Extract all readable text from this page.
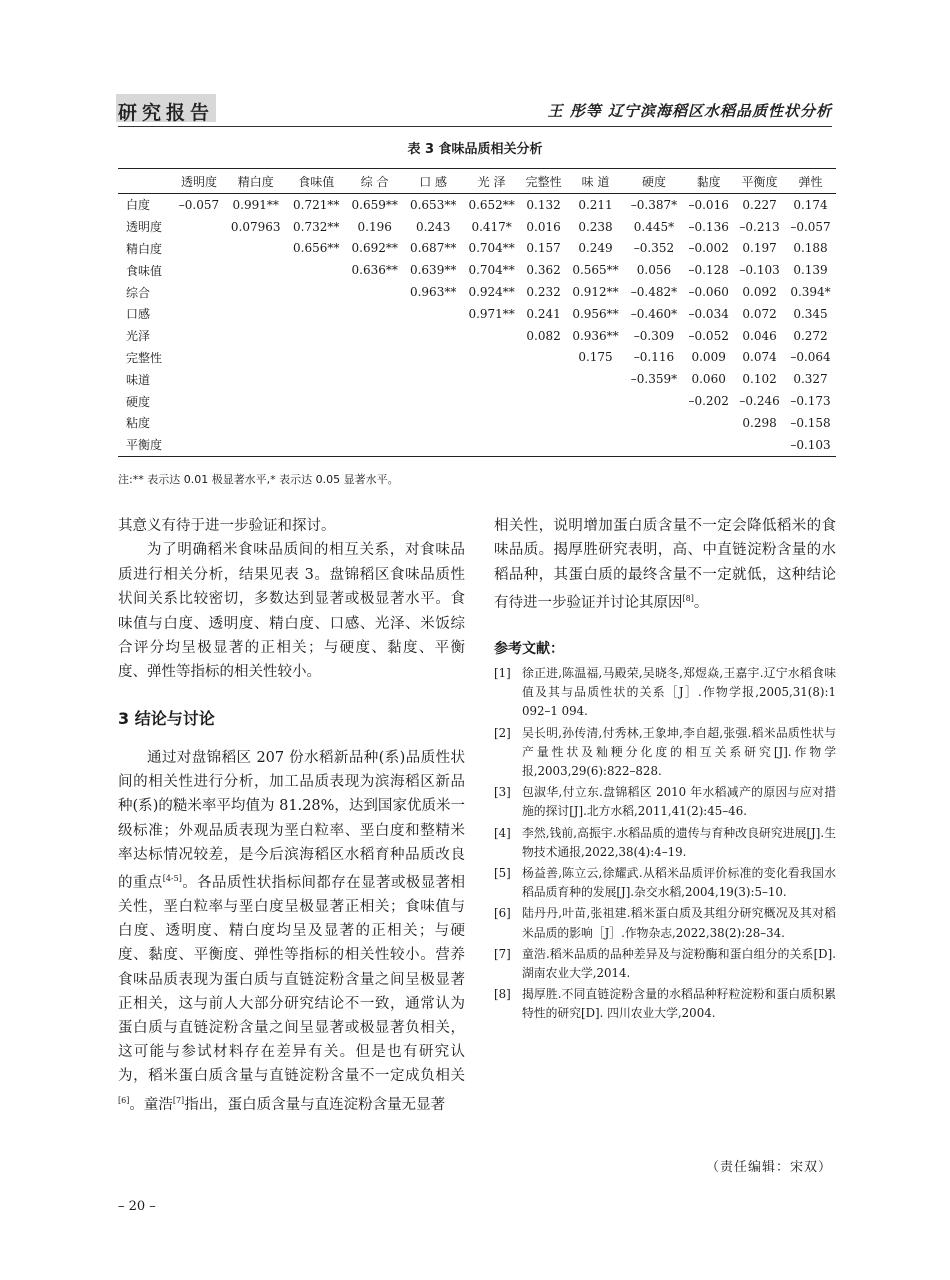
研究报告	王 彤等 辽宁滨海稻区水稻品质性状分析
表 3 食味品质相关分析
	透明度	精白度	食味值	综 合	口 感	光 泽	完整性	味 道	硬度	黏度	平衡度	弹性
白度	–0.057	0.991**	0.721**	0.659**	0.653**	0.652**	0.132	0.211	–0.387*	–0.016	0.227	0.174
透明度		0.07963	0.732**	0.196	0.243	0.417*	0.016	0.238	0.445*	–0.136	–0.213	–0.057
精白度			0.656**	0.692**	0.687**	0.704**	0.157	0.249	–0.352	–0.002	0.197	0.188
食味值				0.636**	0.639**	0.704**	0.362	0.565**	0.056	–0.128	–0.103	0.139
综合					0.963**	0.924**	0.232	0.912**	–0.482*	–0.060	0.092	0.394*
口感						0.971**	0.241	0.956**	–0.460*	–0.034	0.072	0.345
光泽							0.082	0.936**	–0.309	–0.052	0.046	0.272
完整性								0.175	–0.116	0.009	0.074	–0.064
味道									–0.359*	0.060	0.102	0.327
硬度										–0.202	–0.246	–0.173
粘度											0.298	–0.158
平衡度												–0.103
注:** 表示达 0.01 极显著水平,* 表示达 0.05 显著水平。

其意义有待于进一步验证和探讨。

为了明确稻米食味品质间的相互关系，对食味品质进行相关分析，结果见表 3。盘锦稻区食味品质性状间关系比较密切，多数达到显著或极显著水平。食味值与白度、透明度、精白度、口感、光泽、米饭综合评分均呈极显著的正相关；与硬度、黏度、平衡度、弹性等指标的相关性较小。

3 结论与讨论

通过对盘锦稻区 207 份水稻新品种(系)品质性状间的相关性进行分析，加工品质表现为滨海稻区新品种(系)的糙米率平均值为 81.28%，达到国家优质米一级标准；外观品质表现为垩白粒率、垩白度和整精米率达标情况较差，是今后滨海稻区水稻育种品质改良的重点[4-5]。各品质性状指标间都存在显著或极显著相关性，垩白粒率与垩白度呈极显著正相关；食味值与白度、透明度、精白度均呈及显著的正相关；与硬度、黏度、平衡度、弹性等指标的相关性较小。营养食味品质表现为蛋白质与直链淀粉含量之间呈极显著正相关，这与前人大部分研究结论不一致，通常认为蛋白质与直链淀粉含量之间呈显著或极显著负相关，这可能与参试材料存在差异有关。但是也有研究认为，稻米蛋白质含量与直链淀粉含量不一定成负相关[6]。童浩[7]指出，蛋白质含量与直连淀粉含量无显著

相关性，说明增加蛋白质含量不一定会降低稻米的食味品质。揭厚胜研究表明，高、中直链淀粉含量的水稻品种，其蛋白质的最终含量不一定就低，这种结论有待进一步验证并讨论其原因[8]。

参考文献：
[1] 徐正进,陈温福,马殿荣,吴晓冬,郑煜焱,王嘉宇.辽宁水稻食味值及其与品质性状的关系［J］.作物学报,2005,31(8):1 092–1 094.
[2] 吴长明,孙传清,付秀林,王象坤,李自超,张强.稻米品质性状与产量性状及籼粳分化度的相互关系研究[J].作物学报,2003,29(6):822–828.
[3] 包淑华,付立东.盘锦稻区 2010 年水稻减产的原因与应对措施的探讨[J].北方水稻,2011,41(2):45–46.
[4] 李然,钱前,高振宇.水稻品质的遗传与育种改良研究进展[J].生物技术通报,2022,38(4):4–19.
[5] 杨益善,陈立云,徐耀武.从稻米品质评价标准的变化看我国水稻品质育种的发展[J].杂交水稻,2004,19(3):5–10.
[6] 陆丹丹,叶苗,张祖建.稻米蛋白质及其组分研究概况及其对稻米品质的影响［J］.作物杂志,2022,38(2):28–34.
[7] 童浩.稻米品质的品种差异及与淀粉酶和蛋白组分的关系[D].湖南农业大学,2014.
[8] 揭厚胜.不同直链淀粉含量的水稻品种籽粒淀粉和蛋白质积累特性的研究[D]. 四川农业大学,2004.
（责任编辑：宋双）
– 20 –
